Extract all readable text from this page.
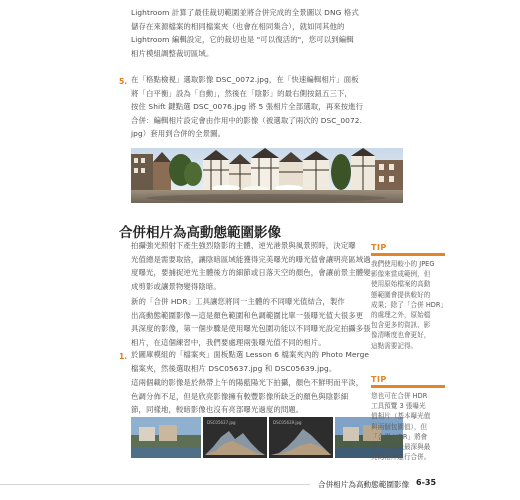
Lightroom 計算了最佳裁切範圍並將合併完成的全景圖以 DNG 格式
儲存在來源檔案的相同檔案夾（也會在相同集合），就如同其他的
Lightroom 編輯設定，它的裁切也是 "可以復活的"，您可以到編輯
相片模組調整裁切區域。
5. 在「格點檢視」選取影像 DSC_0072.jpg，在「快速編輯相片」面板
將「白平衡」設為「自動」，然後在「陰影」的最右側按鈕五三下，
按住 Shift 鍵點選 DSC_0076.jpg 將 5 張相片全部選取，再來按進行
合併：編輯相片設定會由作用中的影像（被選取了兩次的 DSC_0072.
jpg）套用到合併的全景圖。
合併相片為高動態範圍影像
拍攝強光照射下產生強烈陰影的主體、逆光港景與風景照時，決定曝
光值總是需要取捨，讓陰暗區域能獲得完美曝光的曝光值會讓明亮區域過
度曝光，要捕捉逆光主體後方的細節或日落天空的顏色，會讓前景主體變
成剪影或讓景物變得陰暗。
新的「合併 HDR」工具讓您將同一主體的不同曝光值結合，製作
出高動態範圍影像—這是顏色範圍和色調範圍比單一張曝光值大很多更
具深度的影像，第一個步驟是使用曝光包圍功能以不同曝光設定拍攝多張
相片，在這個練習中，我們要處理兩張曝光值不同的相片。
1. 於圖庫模組的「檔案夾」面板點選 Lesson 6 檔案夾內的 Photo Merge
檔案夾，然後選取相片 DSC05637.jpg 和 DSC05639.jpg。
這兩個載的影像是於熱帶上午的陽藍陽光下拍攝，顏色不鮮明而平淡，
色調分佈不足，但是欣亮影像擁有較豐影像所缺乏的顏色與陰影細
節，同樣地，較暗影像也沒有亮部曝光過度的問題。
DSC05637.jpg	DSC05639.jpg
TIP
我們使用較小的 JPEG
影像來當成範例，但
使用原始檔案的高動
態範圍會提供較好的
成果；除了「合併 HDR」
的處理之外，原始檔
包含更多的資訊、影
像清晰度也會更好，
這點需要記得。
TIP
您也可在合併 HDR
工具預覽 3 張曝光
值相片（基本曝光值
與兩個包圍值），但
「合併 HDR」將會
自一般曝光最深與最
亮的相片進行合併。
合併相片為高動態範圍影像 6-35
